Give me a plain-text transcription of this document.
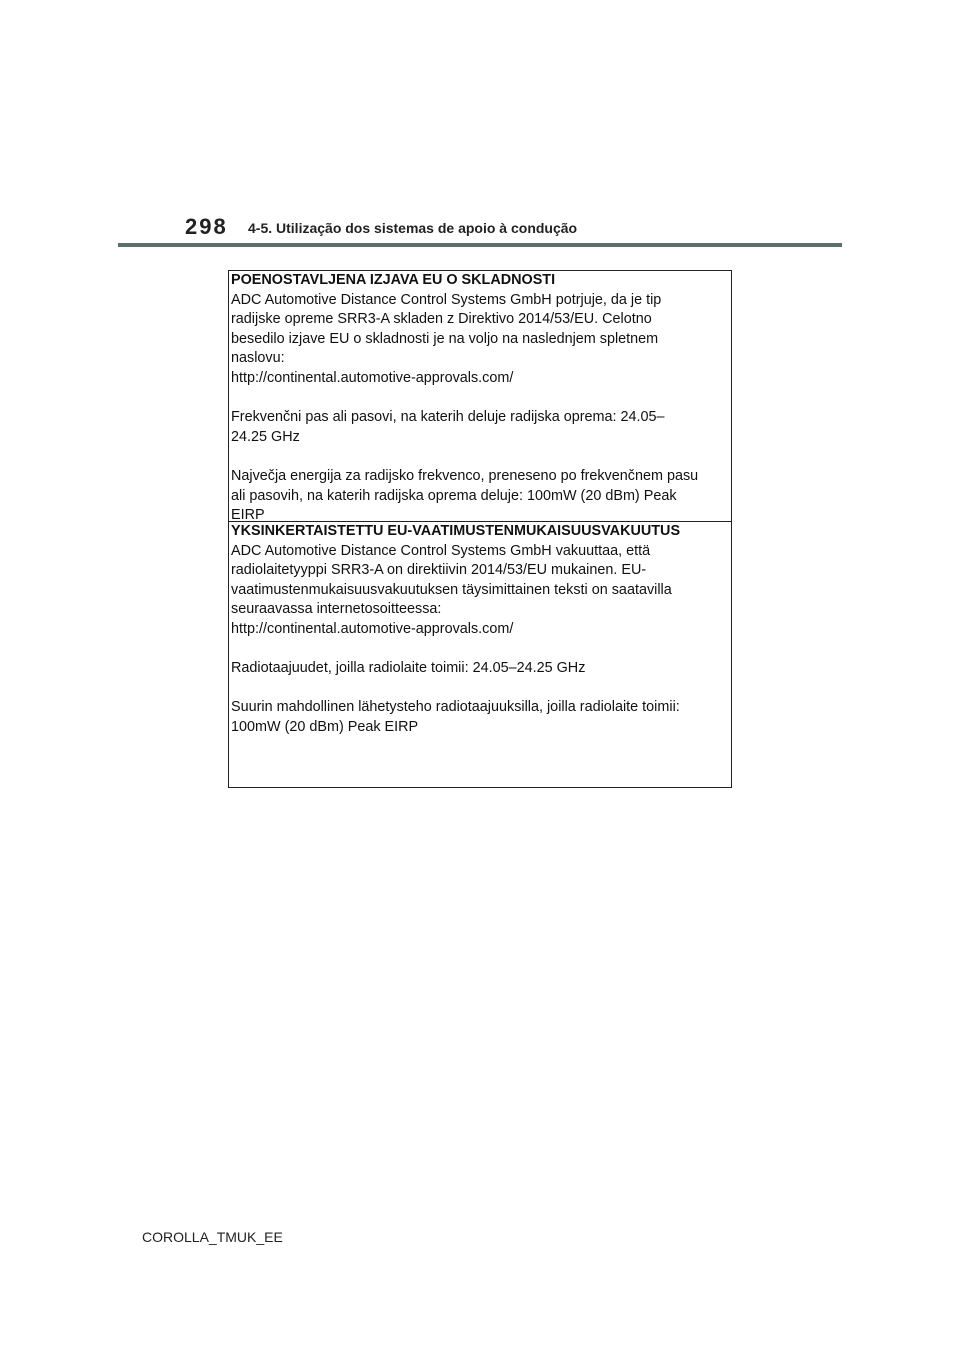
298 4-5. Utilização dos sistemas de apoio à condução
POENOSTAVLJENA IZJAVA EU O SKLADNOSTI
ADC Automotive Distance Control Systems GmbH potrjuje, da je tip
radijske opreme SRR3-A skladen z Direktivo 2014/53/EU. Celotno
besedilo izjave EU o skladnosti je na voljo na naslednjem spletnem
naslovu:
http://continental.automotive-approvals.com/
Frekvenčni pas ali pasovi, na katerih deluje radijska oprema: 24.05–
24.25 GHz
Največja energija za radijsko frekvenco, preneseno po frekvenčnem pasu
ali pasovih, na katerih radijska oprema deluje: 100mW (20 dBm) Peak
EIRP
YKSINKERTAISTETTU EU-VAATIMUSTENMUKAISUUSVAKUUTUS
ADC Automotive Distance Control Systems GmbH vakuuttaa, että
radiolaitetyyppi SRR3-A on direktiivin 2014/53/EU mukainen. EU-
vaatimustenmukaisuusvakuutuksen täysimittainen teksti on saatavilla
seuraavassa internetosoitteessa:
http://continental.automotive-approvals.com/
Radiotaajuudet, joilla radiolaite toimii: 24.05–24.25 GHz
Suurin mahdollinen lähetysteho radiotaajuuksilla, joilla radiolaite toimii:
100mW (20 dBm) Peak EIRP
COROLLA_TMUK_EE
